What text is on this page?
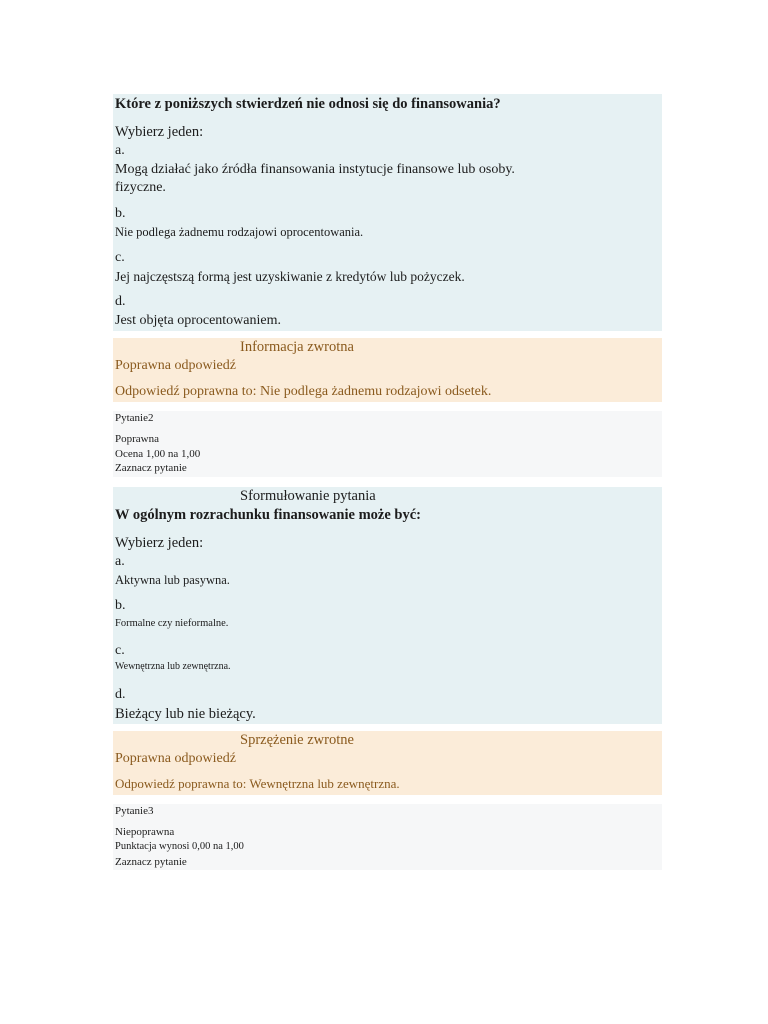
Które z poniższych stwierdzeń nie odnosi się do finansowania?
Wybierz jeden:
a.
Mogą działać jako źródła finansowania instytucje finansowe lub osoby.
fizyczne.
b.
Nie podlega żadnemu rodzajowi oprocentowania.
c.
Jej najczęstszą formą jest uzyskiwanie z kredytów lub pożyczek.
d.
Jest objęta oprocentowaniem.
Informacja zwrotna
Poprawna odpowiedź
Odpowiedź poprawna to: Nie podlega żadnemu rodzajowi odsetek.
Pytanie2
Poprawna
Ocena 1,00 na 1,00
Zaznacz pytanie
Sformułowanie pytania
W ogólnym rozrachunku finansowanie może być:
Wybierz jeden:
a.
Aktywna lub pasywna.
b.
Formalne czy nieformalne.
c.
Wewnętrzna lub zewnętrzna.
d.
Bieżący lub nie bieżący.
Sprzężenie zwrotne
Poprawna odpowiedź
Odpowiedź poprawna to: Wewnętrzna lub zewnętrzna.
Pytanie3
Niepoprawna
Punktacja wynosi 0,00 na 1,00
Zaznacz pytanie
